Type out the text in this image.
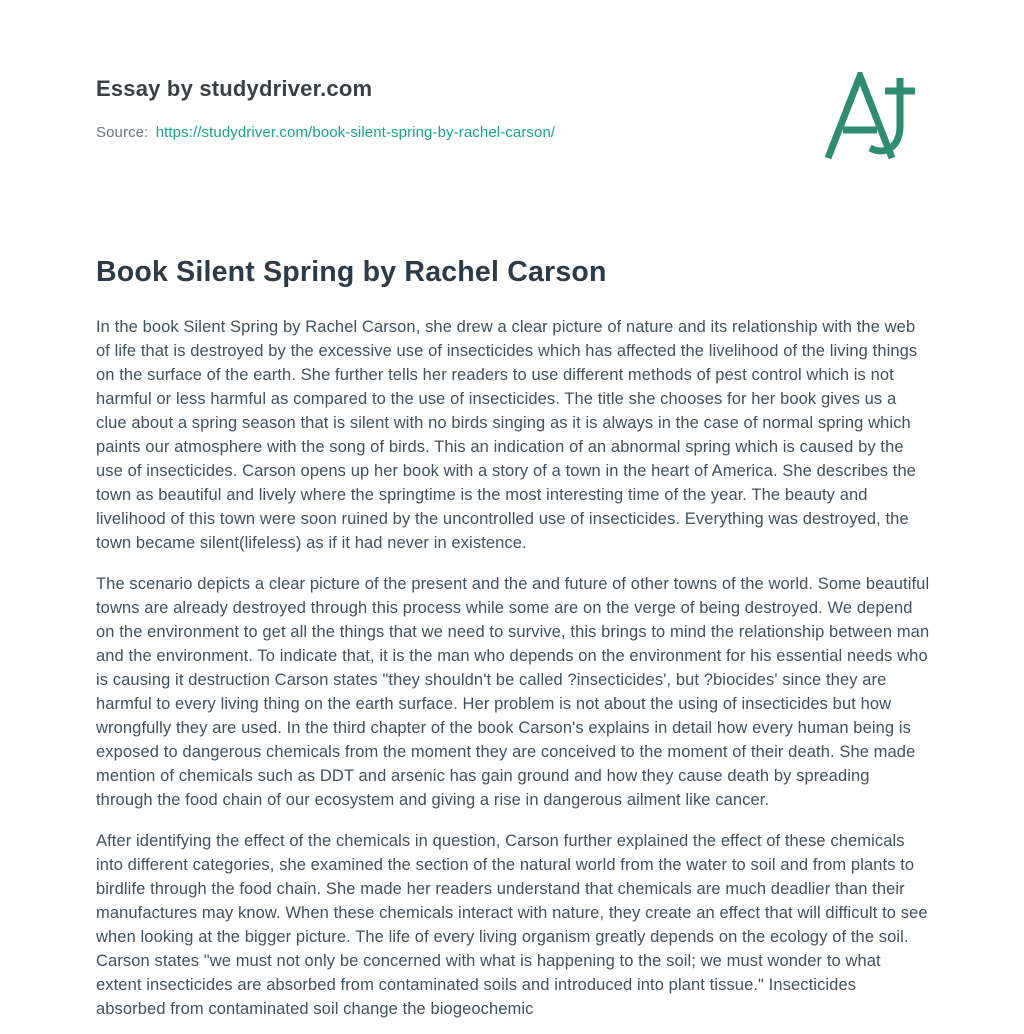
Essay by studydriver.com
Source: https://studydriver.com/book-silent-spring-by-rachel-carson/
Book Silent Spring by Rachel Carson

In the book Silent Spring by Rachel Carson, she drew a clear picture of nature and its relationship with the web of life that is destroyed by the excessive use of insecticides which has affected the livelihood of the living things on the surface of the earth. She further tells her readers to use different methods of pest control which is not harmful or less harmful as compared to the use of insecticides. The title she chooses for her book gives us a clue about a spring season that is silent with no birds singing as it is always in the case of normal spring which paints our atmosphere with the song of birds. This an indication of an abnormal spring which is caused by the use of insecticides. Carson opens up her book with a story of a town in the heart of America. She describes the town as beautiful and lively where the springtime is the most interesting time of the year. The beauty and livelihood of this town were soon ruined by the uncontrolled use of insecticides. Everything was destroyed, the town became silent(lifeless) as if it had never in existence.

The scenario depicts a clear picture of the present and the and future of other towns of the world. Some beautiful towns are already destroyed through this process while some are on the verge of being destroyed. We depend on the environment to get all the things that we need to survive, this brings to mind the relationship between man and the environment. To indicate that, it is the man who depends on the environment for his essential needs who is causing it destruction Carson states "they shouldn't be called ?insecticides', but ?biocides' since they are harmful to every living thing on the earth surface. Her problem is not about the using of insecticides but how wrongfully they are used. In the third chapter of the book Carson's explains in detail how every human being is exposed to dangerous chemicals from the moment they are conceived to the moment of their death. She made mention of chemicals such as DDT and arsenic has gain ground and how they cause death by spreading through the food chain of our ecosystem and giving a rise in dangerous ailment like cancer.

After identifying the effect of the chemicals in question, Carson further explained the effect of these chemicals into different categories, she examined the section of the natural world from the water to soil and from plants to birdlife through the food chain. She made her readers understand that chemicals are much deadlier than their manufactures may know. When these chemicals interact with nature, they create an effect that will difficult to see when looking at the bigger picture. The life of every living organism greatly depends on the ecology of the soil. Carson states "we must not only be concerned with what is happening to the soil; we must wonder to what extent insecticides are absorbed from contaminated soils and introduced into plant tissue." Insecticides absorbed from contaminated soil change the biogeochemic
